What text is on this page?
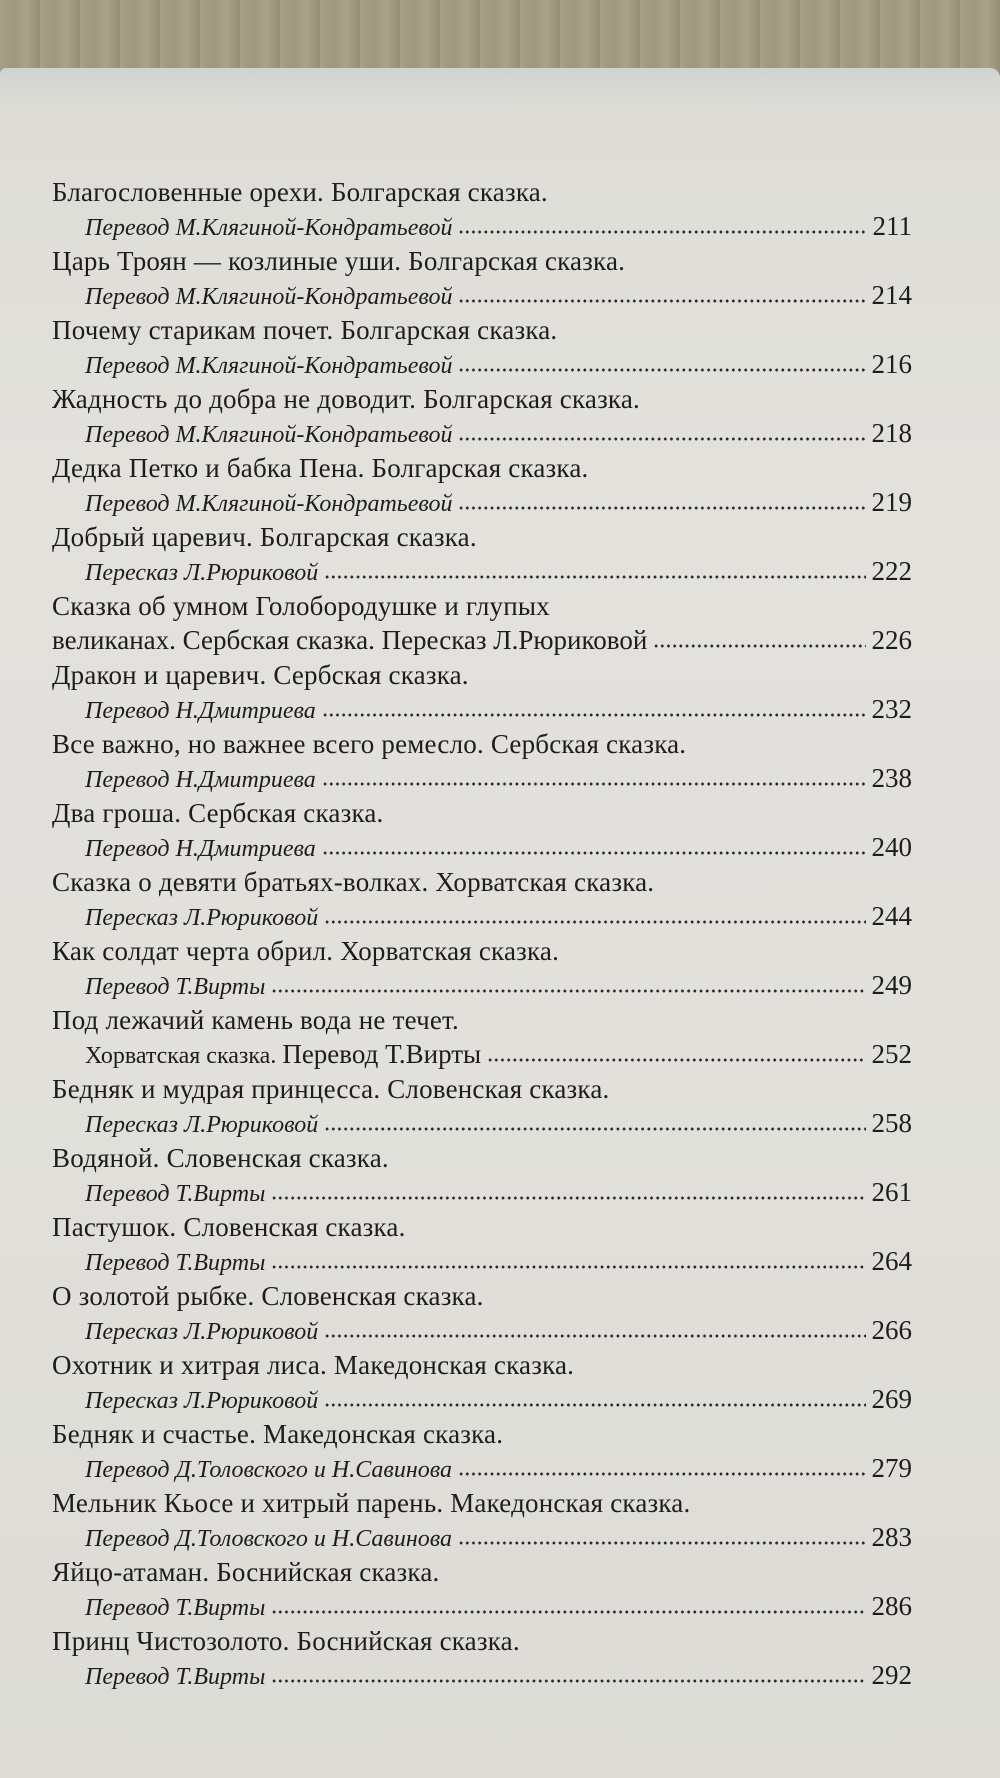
Благословенные орехи. Болгарская сказка.
Перевод М.Клягиной-Кондратьевой	211
Царь Троян — козлиные уши. Болгарская сказка.
Перевод М.Клягиной-Кондратьевой	214
Почему старикам почет. Болгарская сказка.
Перевод М.Клягиной-Кондратьевой	216
Жадность до добра не доводит. Болгарская сказка.
Перевод М.Клягиной-Кондратьевой	218
Дедка Петко и бабка Пена. Болгарская сказка.
Перевод М.Клягиной-Кондратьевой	219
Добрый царевич. Болгарская сказка.
Пересказ Л.Рюриковой	222
Сказка об умном Голобородушке и глупых
великанах. Сербская сказка.
Пересказ Л.Рюриковой	226
Дракон и царевич. Сербская сказка.
Перевод Н.Дмитриева	232
Все важно, но важнее всего ремесло. Сербская сказка.
Перевод Н.Дмитриева	238
Два гроша. Сербская сказка.
Перевод Н.Дмитриева	240
Сказка о девяти братьях-волках. Хорватская сказка.
Пересказ Л.Рюриковой	244
Как солдат черта обрил. Хорватская сказка.
Перевод Т.Вирты	249
Под лежачий камень вода не течет.
Хорватская сказка.
Перевод Т.Вирты	252
Бедняк и мудрая принцесса. Словенская сказка.
Пересказ Л.Рюриковой	258
Водяной. Словенская сказка.
Перевод Т.Вирты	261
Пастушок. Словенская сказка.
Перевод Т.Вирты	264
О золотой рыбке. Словенская сказка.
Пересказ Л.Рюриковой	266
Охотник и хитрая лиса. Македонская сказка.
Пересказ Л.Рюриковой	269
Бедняк и счастье. Македонская сказка.
Перевод Д.Толовского и Н.Савинова	279
Мельник Кьосе и хитрый парень. Македонская сказка.
Перевод Д.Толовского и Н.Савинова	283
Яйцо-атаман. Боснийская сказка.
Перевод Т.Вирты	286
Принц Чистозолото. Боснийская сказка.
Перевод Т.Вирты	292
